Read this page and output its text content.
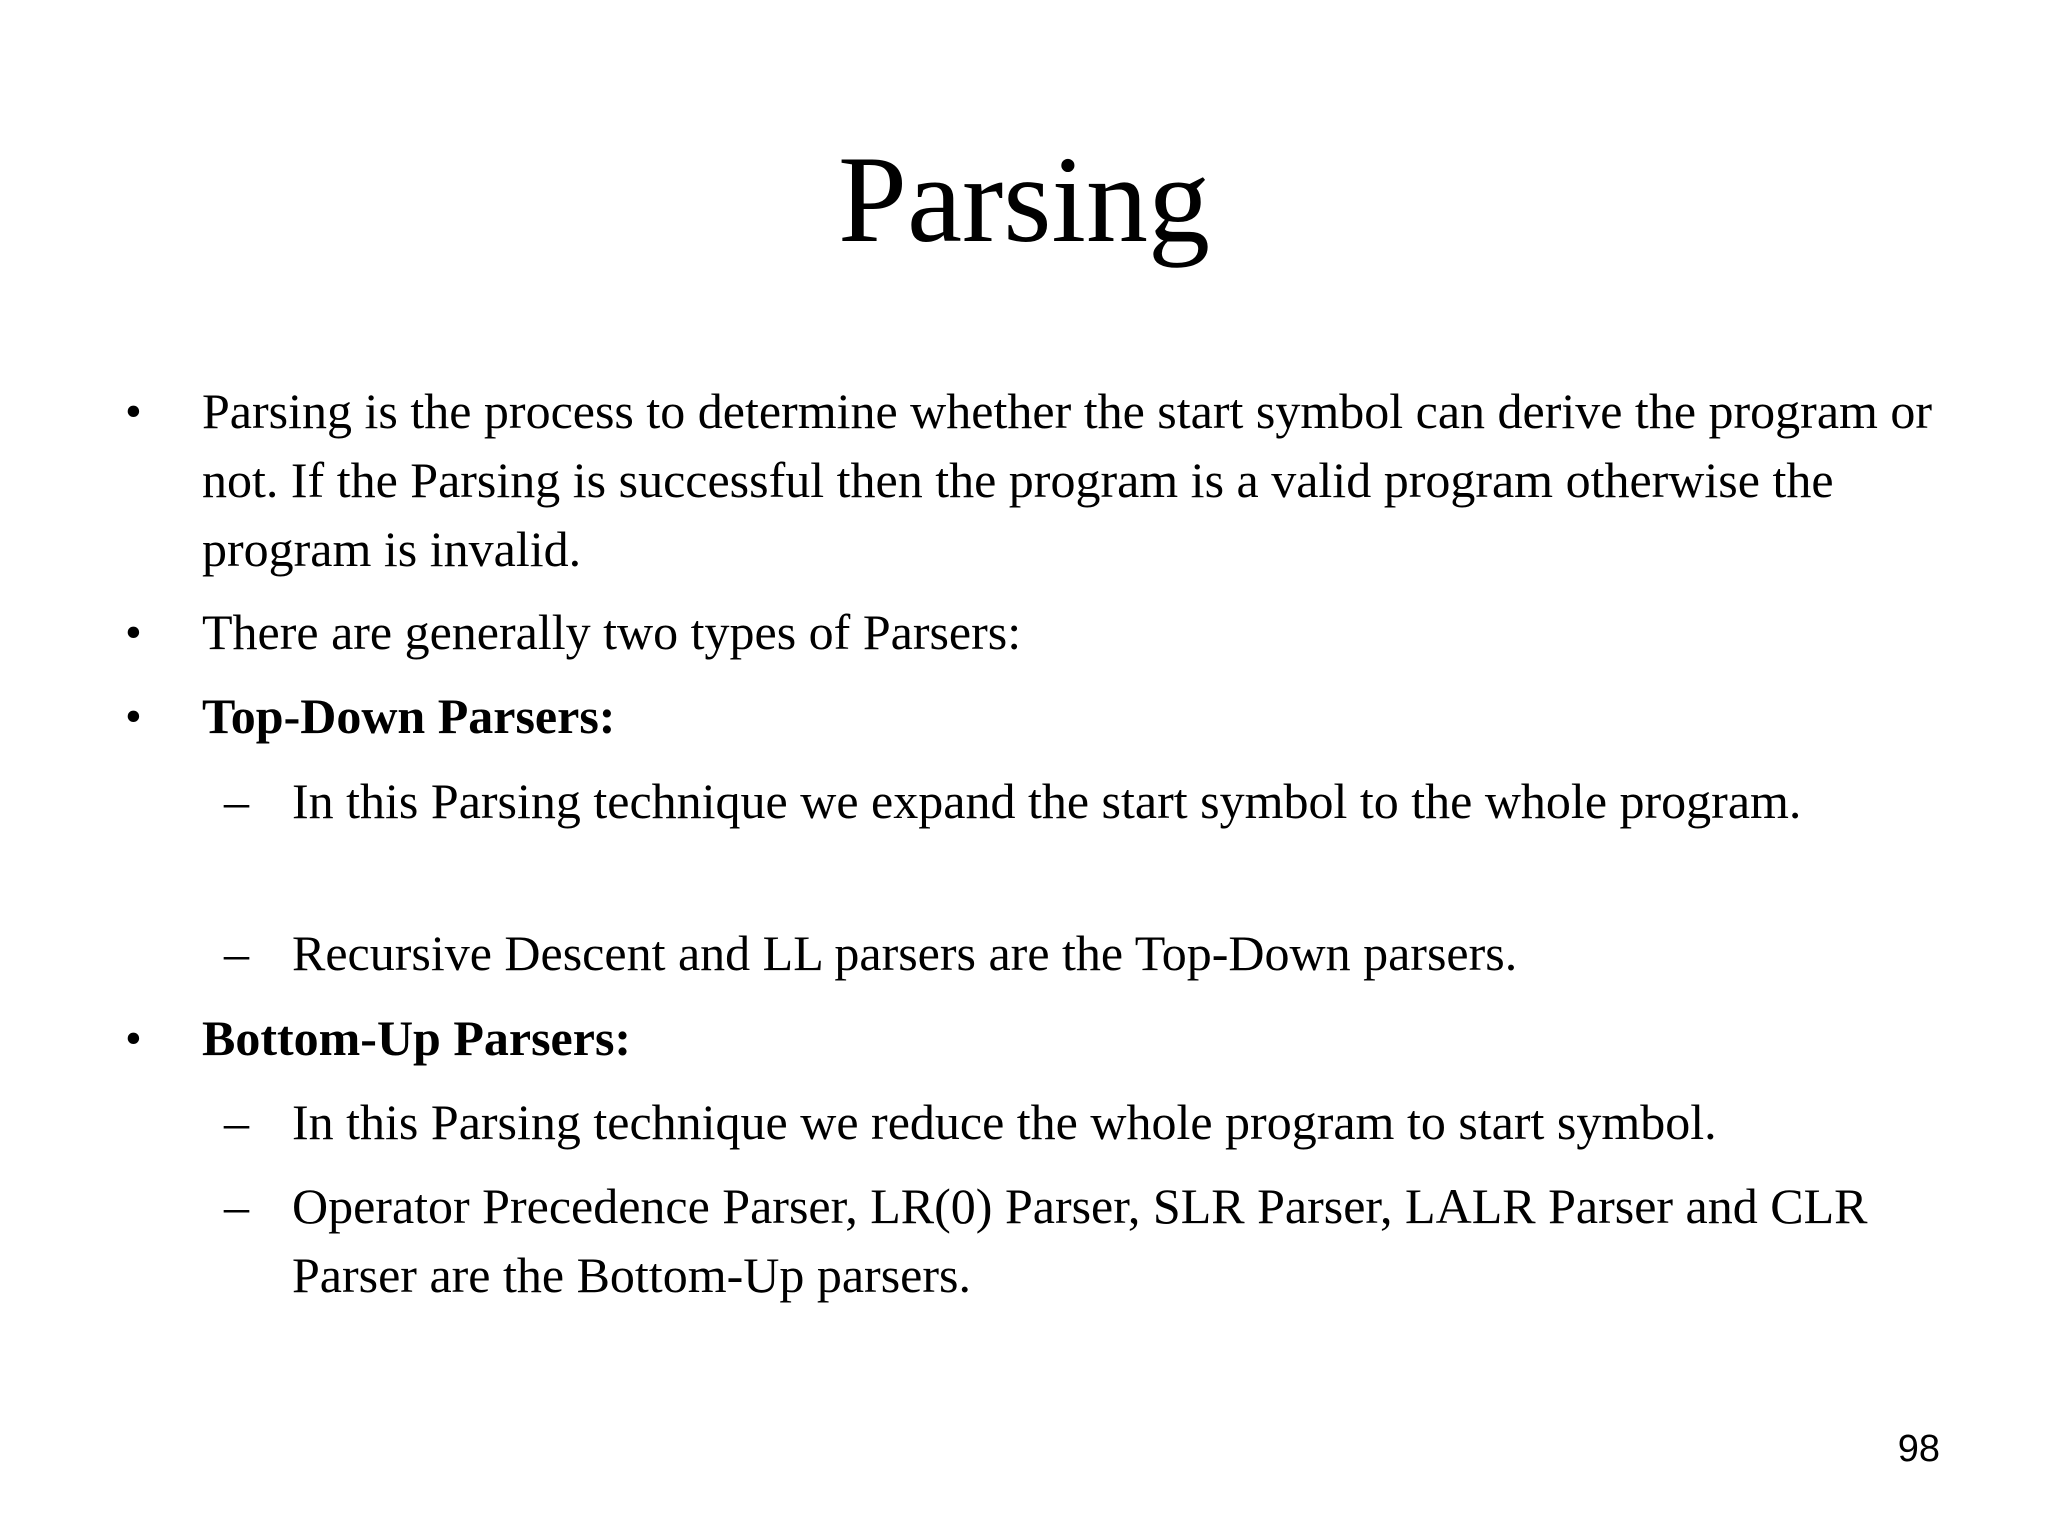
Parsing
• Parsing is the process to determine whether the start symbol can derive the program or not. If the Parsing is successful then the program is a valid program otherwise the program is invalid.
• There are generally two types of Parsers:
• Top-Down Parsers:
– In this Parsing technique we expand the start symbol to the whole program.
– Recursive Descent and LL parsers are the Top-Down parsers.
• Bottom-Up Parsers:
– In this Parsing technique we reduce the whole program to start symbol.
– Operator Precedence Parser, LR(0) Parser, SLR Parser, LALR Parser and CLR Parser are the Bottom-Up parsers.
98
